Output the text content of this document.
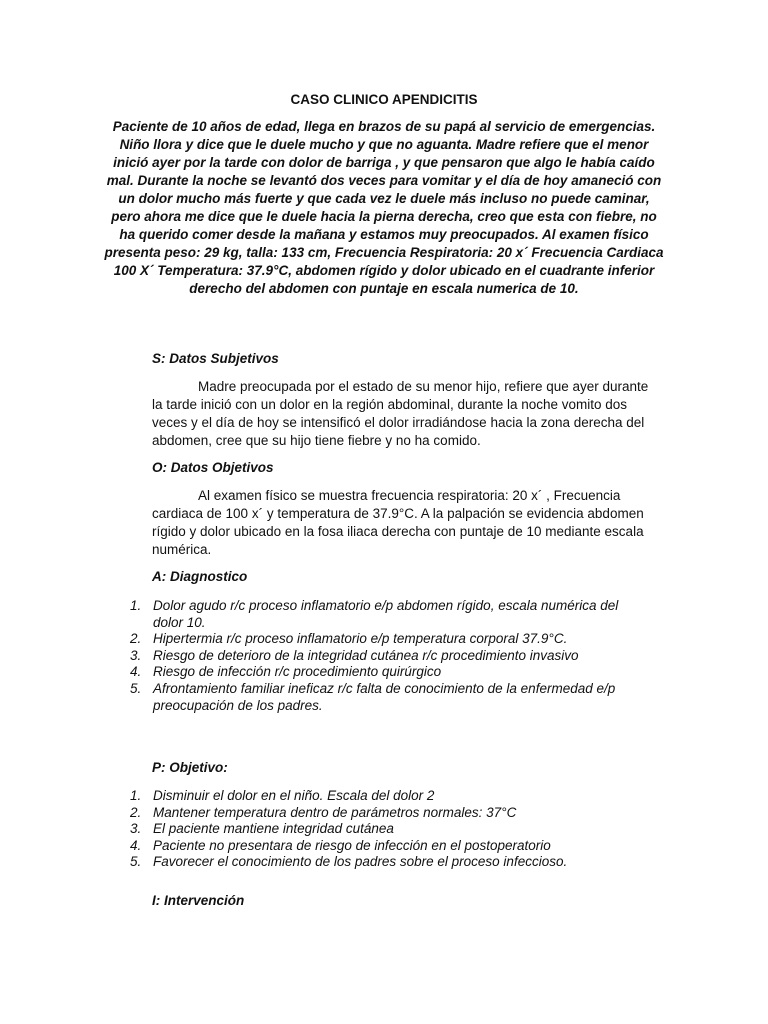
CASO CLINICO APENDICITIS
Paciente de 10 años de edad, llega en brazos de su papá al servicio de emergencias. Niño llora y dice que le duele mucho y que no aguanta. Madre refiere que el menor inició ayer por la tarde con dolor de barriga , y que pensaron que algo le había caído mal. Durante la noche se levantó dos veces para vomitar y el día de hoy amaneció con un dolor mucho más fuerte y que cada vez le duele más incluso no puede caminar, pero ahora me dice que le duele hacia la pierna derecha, creo que esta con fiebre, no ha querido comer desde la mañana y estamos muy preocupados. Al examen físico presenta peso: 29 kg, talla: 133 cm, Frecuencia Respiratoria: 20 x´ Frecuencia Cardiaca 100 X´ Temperatura: 37.9°C, abdomen rígido y dolor ubicado en el cuadrante inferior derecho del abdomen con puntaje en escala numerica de 10.
S: Datos Subjetivos
Madre preocupada por el estado de su menor hijo, refiere que ayer durante la tarde inició con un dolor en la región abdominal, durante la noche vomito dos veces y el día de hoy se intensificó el dolor irradiándose hacia la zona derecha del abdomen, cree que su hijo tiene fiebre y no ha comido.
O: Datos Objetivos
Al examen físico se muestra frecuencia respiratoria: 20 x´ , Frecuencia cardiaca de 100 x´ y temperatura de 37.9°C. A la palpación se evidencia abdomen rígido y dolor ubicado en la fosa iliaca derecha con puntaje de 10 mediante escala numérica.
A: Diagnostico
1. Dolor agudo r/c proceso inflamatorio e/p abdomen rígido, escala numérica del dolor 10.
2. Hipertermia r/c proceso inflamatorio e/p temperatura corporal 37.9°C.
3. Riesgo de deterioro de la integridad cutánea r/c procedimiento invasivo
4. Riesgo de infección r/c procedimiento quirúrgico
5. Afrontamiento familiar ineficaz r/c falta de conocimiento de la enfermedad e/p preocupación de los padres.
P: Objetivo:
1. Disminuir el dolor en el niño. Escala del dolor 2
2. Mantener temperatura dentro de parámetros normales: 37°C
3. El paciente mantiene integridad cutánea
4. Paciente no presentara de riesgo de infección en el postoperatorio
5. Favorecer el conocimiento de los padres sobre el proceso infeccioso.
I: Intervención
